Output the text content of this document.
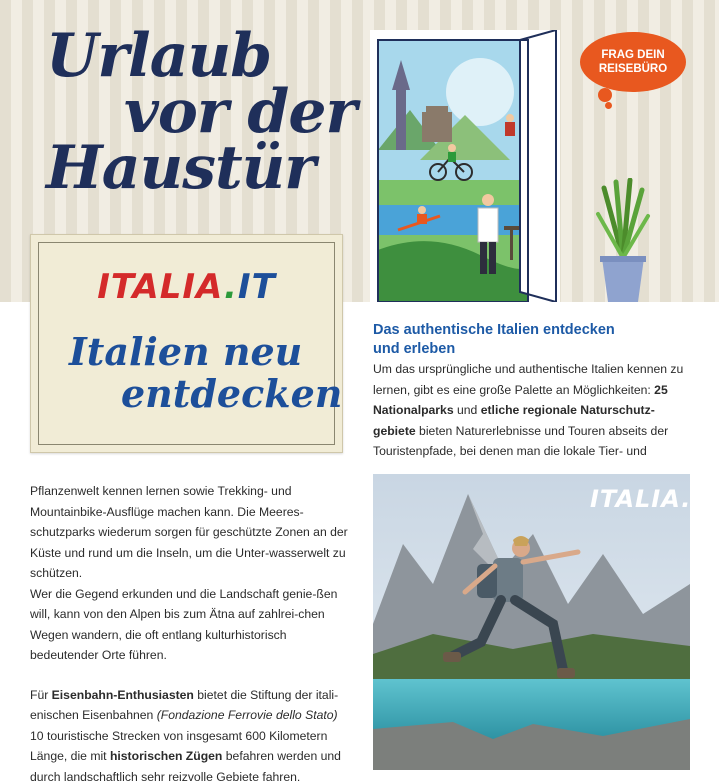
Urlaub
vor der
Haustür
FRAG DEIN
REISEBÜRO
ITALIA.IT
Italien neu
entdecken
Das authentische Italien entdecken
und erleben

Um das ursprüngliche und authentische Italien kennen zu lernen, gibt es eine große Palette an Möglichkeiten: 25 Nationalparks und etliche regionale Naturschutz-gebiete bieten Naturerlebnisse und Touren abseits der Touristenpfade, bei denen man die lokale Tier- und

Pflanzenwelt kennen lernen sowie Trekking- und Mountainbike-Ausflüge machen kann. Die Meeres-schutzparks wiederum sorgen für geschützte Zonen an der Küste und rund um die Inseln, um die Unter-wasserwelt zu schützen.

Wer die Gegend erkunden und die Landschaft genie-ßen will, kann von den Alpen bis zum Ätna auf zahlrei-chen Wegen wandern, die oft entlang kulturhistorisch bedeutender Orte führen.

Für Eisenbahn-Enthusiasten bietet die Stiftung der itali-enischen Eisenbahnen (Fondazione Ferrovie dello Stato) 10 touristische Strecken von insgesamt 600 Kilometern Länge, die mit historischen Zügen befahren werden und durch landschaftlich sehr reizvolle Gebiete fahren.

ITALIA.IT
